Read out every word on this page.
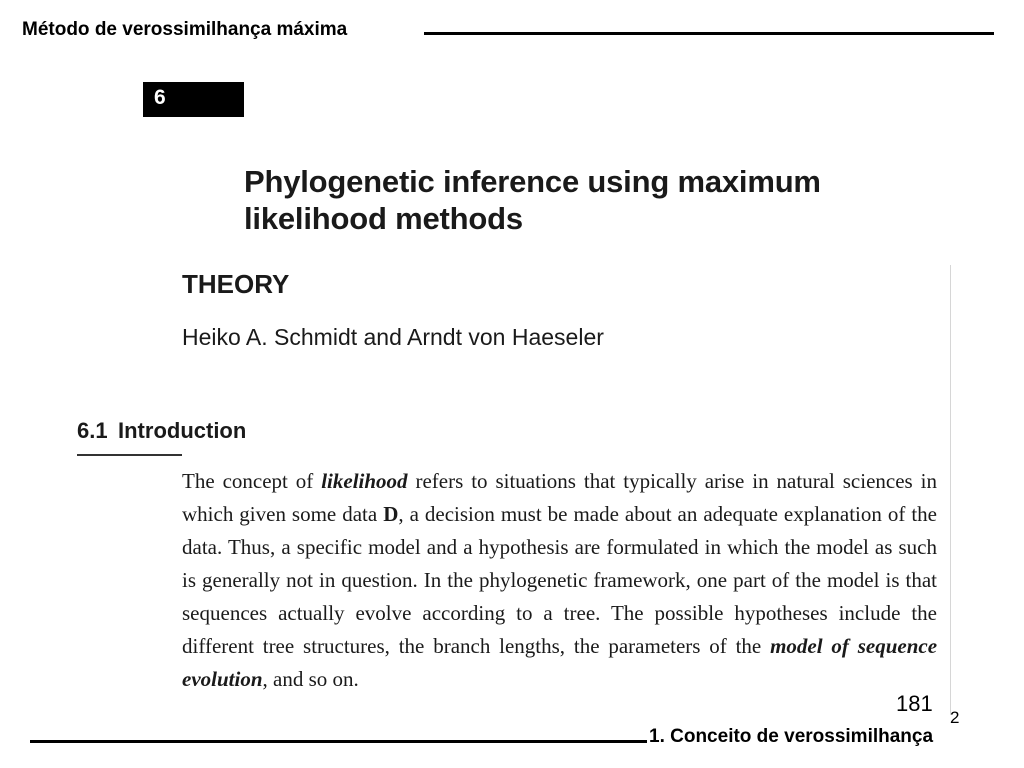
Método de verossimilhança máxima
6
Phylogenetic inference using maximum likelihood methods
THEORY
Heiko A. Schmidt and Arndt von Haeseler
6.1 Introduction
The concept of likelihood refers to situations that typically arise in natural sciences in which given some data D, a decision must be made about an adequate explanation of the data. Thus, a specific model and a hypothesis are formulated in which the model as such is generally not in question. In the phylogenetic framework, one part of the model is that sequences actually evolve according to a tree. The possible hypotheses include the different tree structures, the branch lengths, the parameters of the model of sequence evolution, and so on.
181
2
1. Conceito de verossimilhança
